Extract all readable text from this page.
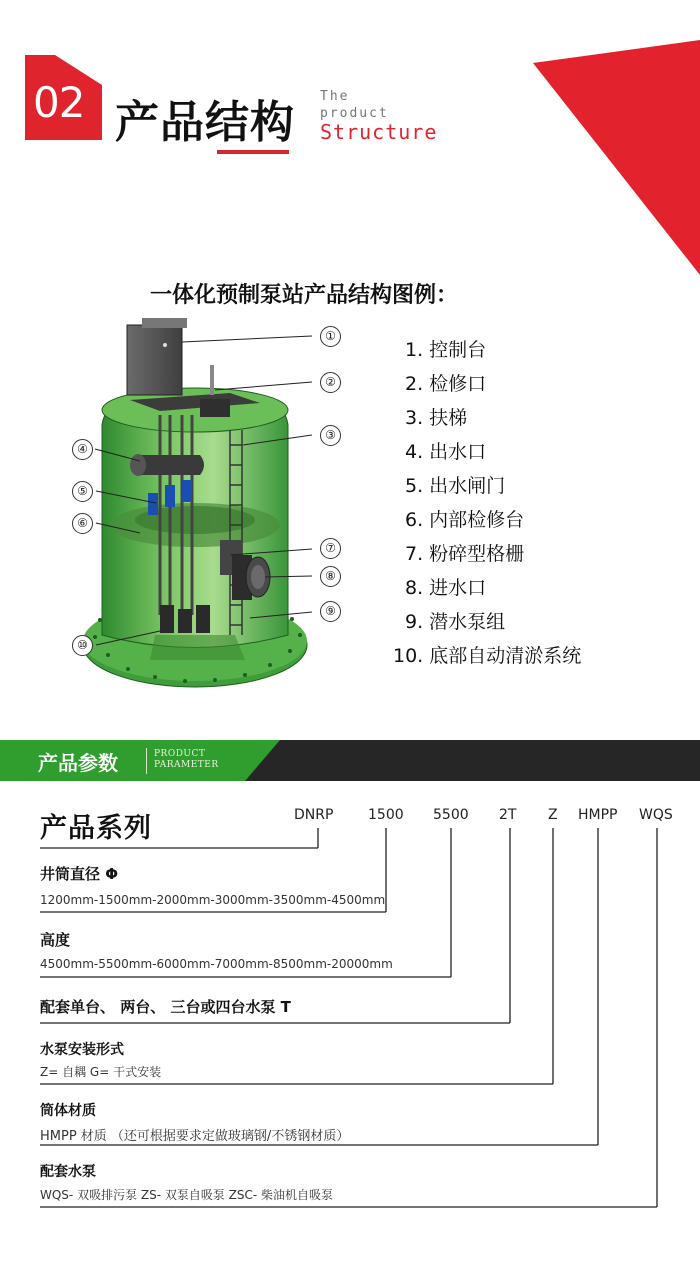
02 产品结构
The
product
Structure
一体化预制泵站产品结构图例：
①
②
③
④
⑤
⑥
⑦
⑧
⑨
⑩
1. 控制台
2. 检修口
3. 扶梯
4. 出水口
5. 出水闸门
6. 内部检修台
7. 粉碎型格栅
8. 进水口
9. 潜水泵组
10. 底部自动清淤系统
产品参数	PRODUCT
PARAMETER
产品系列	DNRP 1500 5500 2T Z HMPP WQS
井筒直径 Φ
1200mm-1500mm-2000mm-3000mm-3500mm-4500mm
高度
4500mm-5500mm-6000mm-7000mm-8500mm-20000mm
配套单台、 两台、 三台或四台水泵 T
水泵安装形式
Z= 自耦 G= 干式安装
筒体材质
HMPP 材质 （还可根据要求定做玻璃钢/不锈钢材质）
配套水泵
WQS- 双吸排污泵 ZS- 双泵自吸泵 ZSC- 柴油机自吸泵
